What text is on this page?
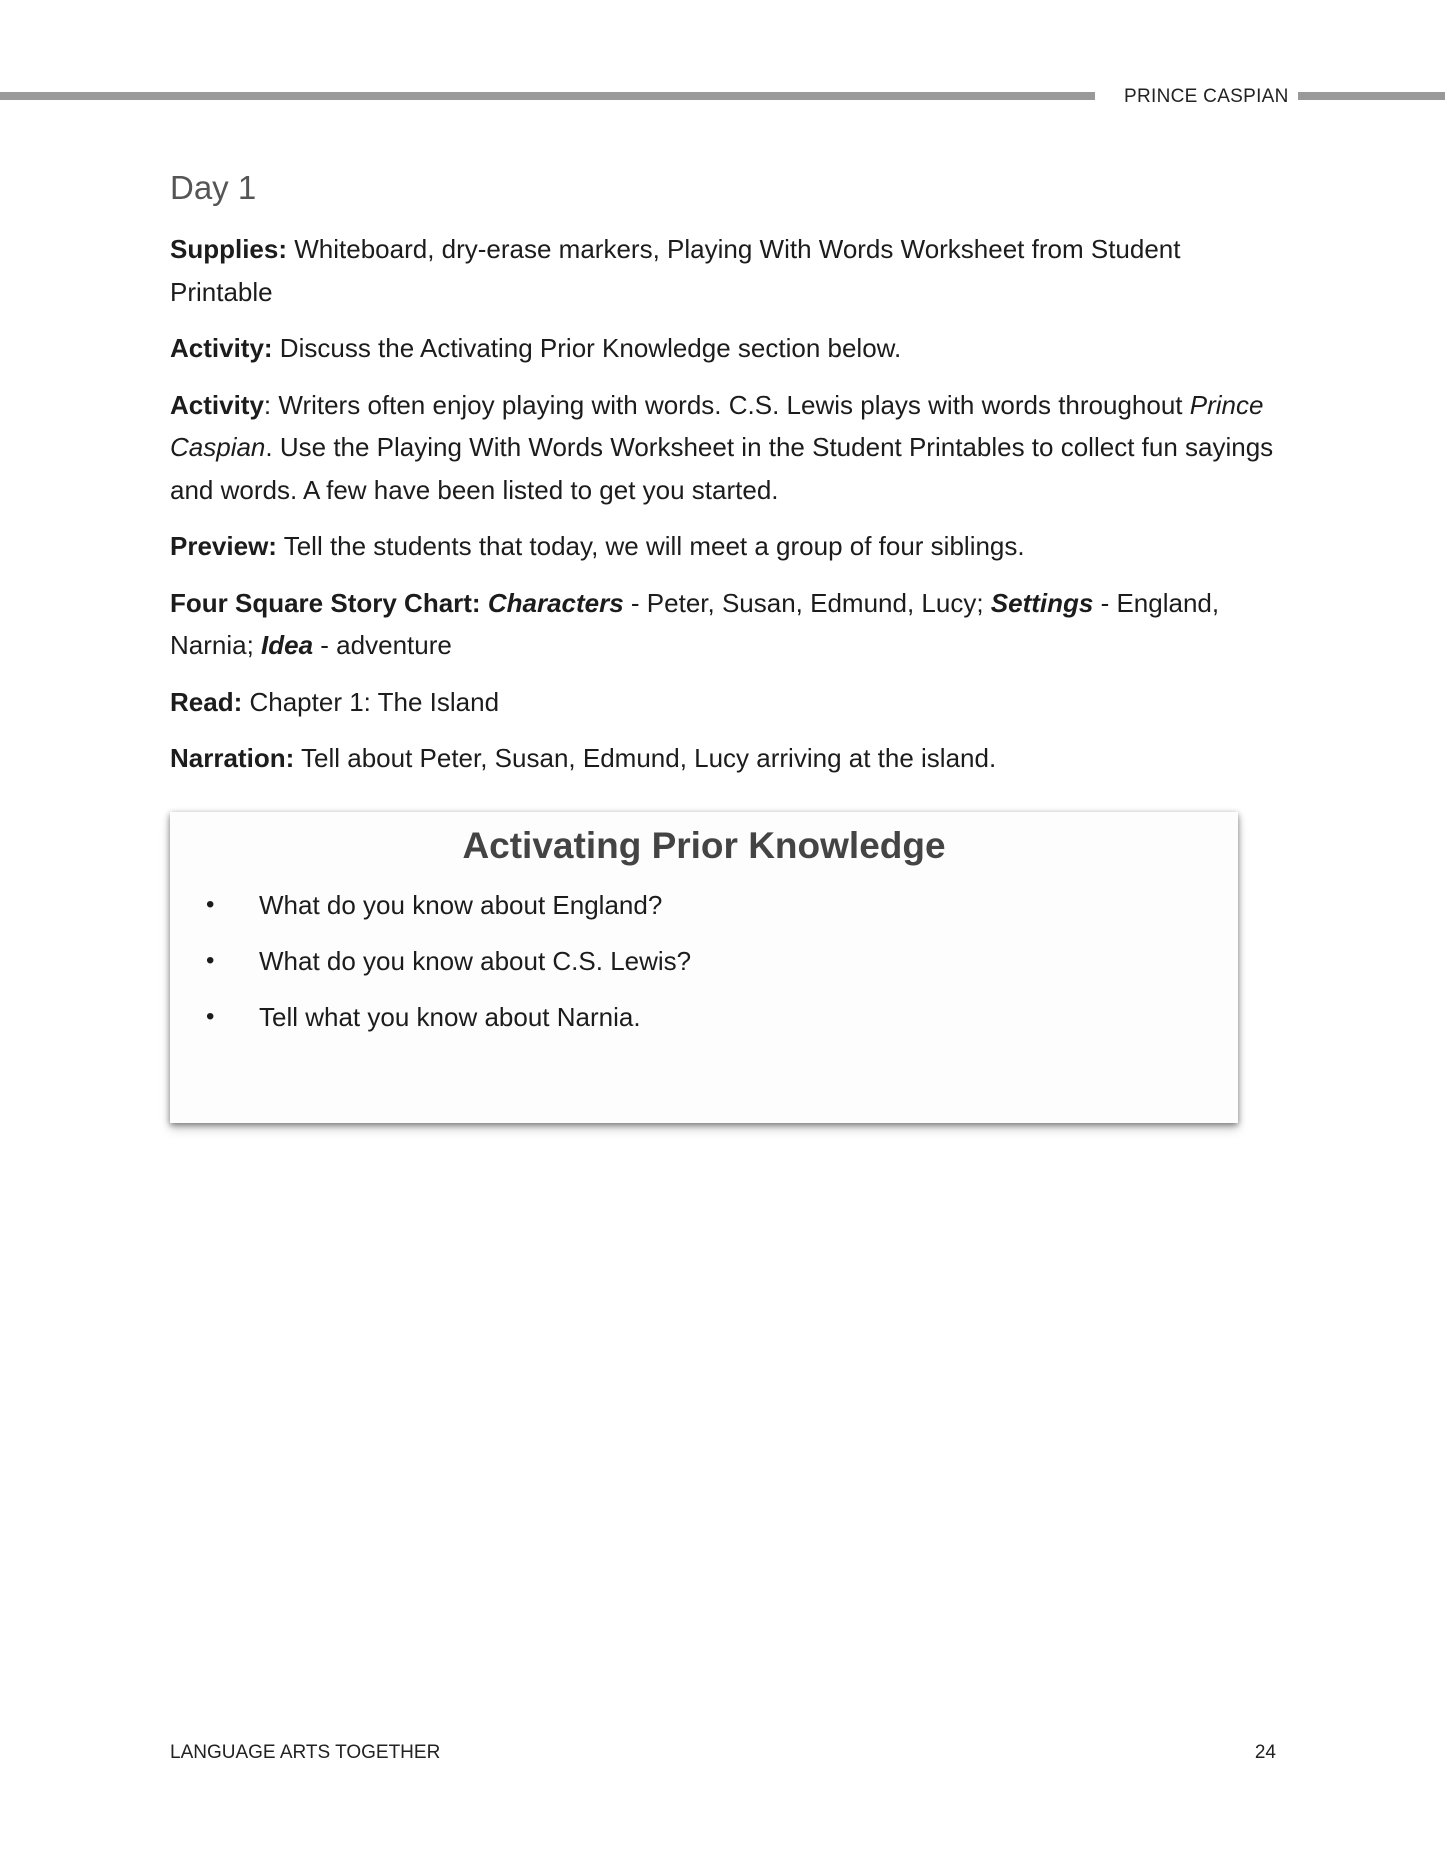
PRINCE CASPIAN
Day 1

Supplies: Whiteboard, dry-erase markers, Playing With Words Worksheet from Student Printable

Activity: Discuss the Activating Prior Knowledge section below.

Activity: Writers often enjoy playing with words. C.S. Lewis plays with words throughout Prince Caspian. Use the Playing With Words Worksheet in the Student Printables to collect fun sayings and words. A few have been listed to get you started.

Preview: Tell the students that today, we will meet a group of four siblings.

Four Square Story Chart: Characters - Peter, Susan, Edmund, Lucy; Settings - England, Narnia; Idea - adventure

Read: Chapter 1: The Island

Narration: Tell about Peter, Susan, Edmund, Lucy arriving at the island.

Activating Prior Knowledge
• What do you know about England?
• What do you know about C.S. Lewis?
• Tell what you know about Narnia.
LANGUAGE ARTS TOGETHER	24
